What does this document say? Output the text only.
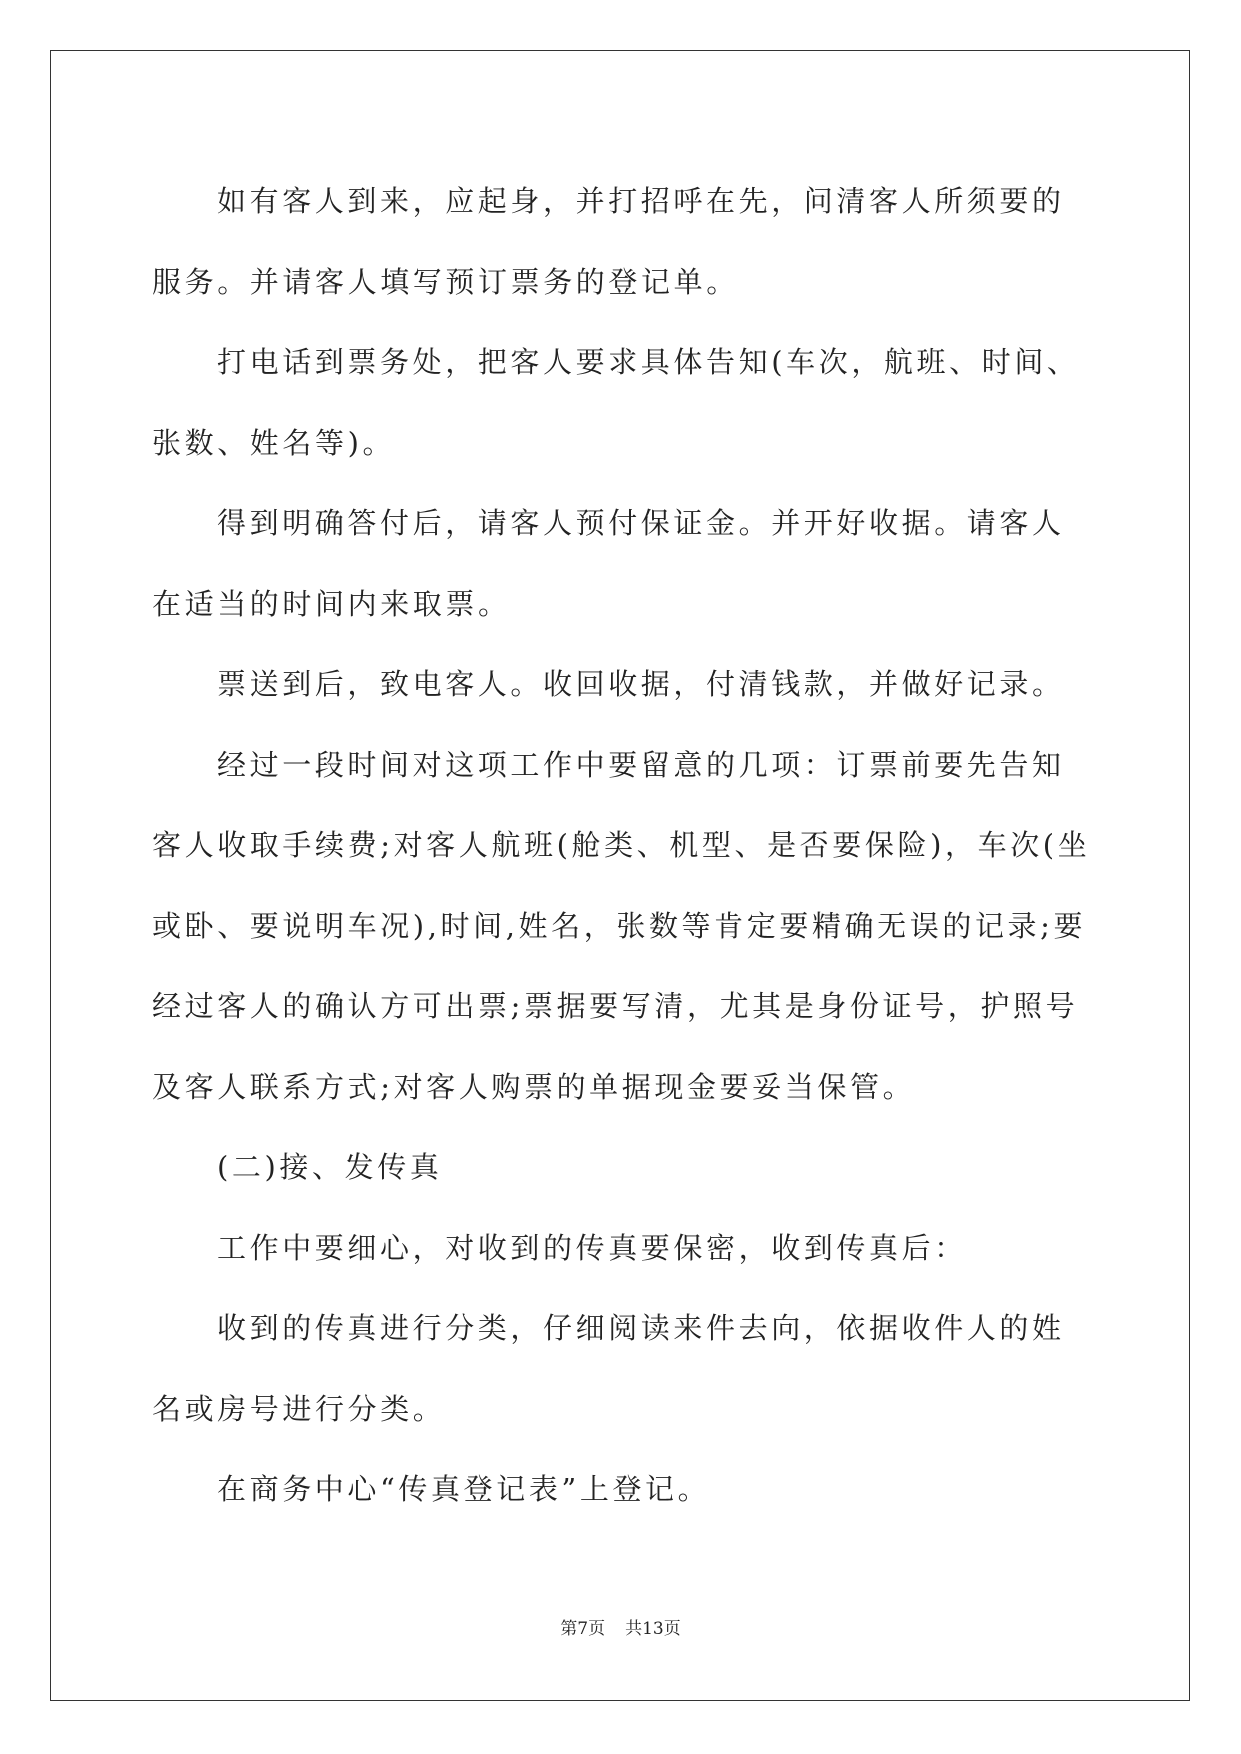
如有客人到来，应起身，并打招呼在先，问清客人所须要的服务。并请客人填写预订票务的登记单。

打电话到票务处，把客人要求具体告知(车次，航班、时间、张数、姓名等)。

得到明确答付后，请客人预付保证金。并开好收据。请客人在适当的时间内来取票。

票送到后，致电客人。收回收据，付清钱款，并做好记录。

经过一段时间对这项工作中要留意的几项：订票前要先告知客人收取手续费;对客人航班(舱类、机型、是否要保险)，车次(坐或卧、要说明车况),时间,姓名，张数等肯定要精确无误的记录;要经过客人的确认方可出票;票据要写清，尤其是身份证号，护照号及客人联系方式;对客人购票的单据现金要妥当保管。

(二)接、发传真

工作中要细心，对收到的传真要保密，收到传真后：

收到的传真进行分类，仔细阅读来件去向，依据收件人的姓名或房号进行分类。

在商务中心“传真登记表”上登记。

第7页 共13页
